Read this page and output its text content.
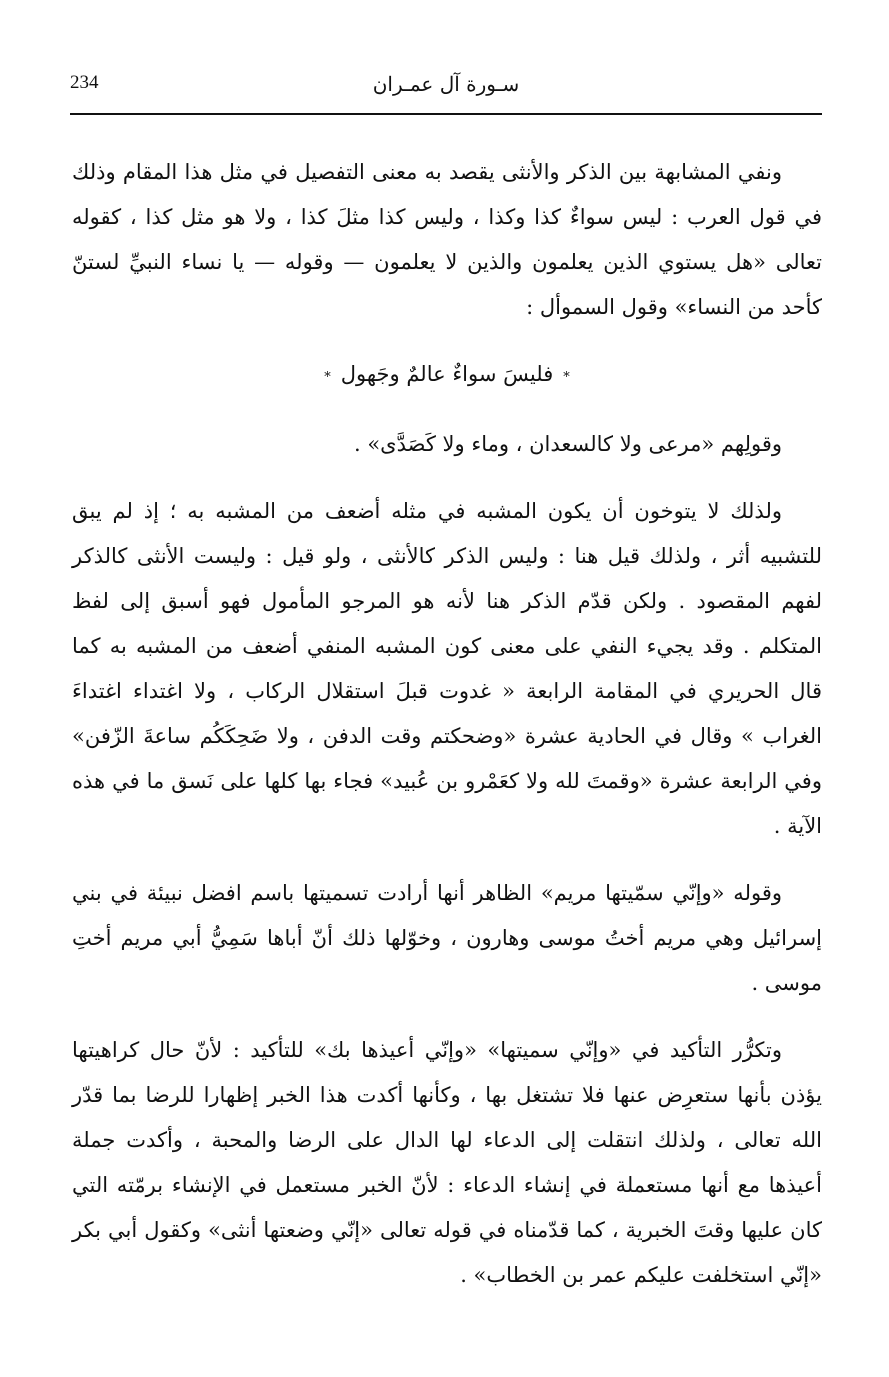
234	سـورة آل عمـران

ونفي المشابهة بين الذكر والأنثى يقصد به معنى التفصيل في مثل هذا المقام وذلك في قول العرب : ليس سواءٌ كذا وكذا ، وليس كذا مثلَ كذا ، ولا هو مثل كذا ، كقوله تعالى «هل يستوي الذين يعلمون والذين لا يعلمون — وقوله — يا نساء النبيِّ لستنّ كأحد من النساء» وقول السموأل :

*فليسَ سواءٌ عالمٌ وجَهول*

وقولِهم «مرعى ولا كالسعدان ، وماء ولا كَصَدَّى» .

ولذلك لا يتوخون أن يكون المشبه في مثله أضعف من المشبه به ؛ إذ لم يبق للتشبيه أثر ، ولذلك قيل هنا : وليس الذكر كالأنثى ، ولو قيل : وليست الأنثى كالذكر لفهم المقصود . ولكن قدّم الذكر هنا لأنه هو المرجو المأمول فهو أسبق إلى لفظ المتكلم . وقد يجيء النفي على معنى كون المشبه المنفي أضعف من المشبه به كما قال الحريري في المقامة الرابعة « غدوت قبلَ استقلال الركاب ، ولا اغتداء اغتداءَ الغراب » وقال في الحادية عشرة «وضحكتم وقت الدفن ، ولا ضَحِكَكُم ساعةَ الزّفن» وفي الرابعة عشرة «وقمتَ لله ولا كعَمْرو بن عُبيد» فجاء بها كلها على نَسق ما في هذه الآية .

وقوله «وإنّي سمّيتها مريم» الظاهر أنها أرادت تسميتها باسم افضل نبيئة في بني إسرائيل وهي مريم أختُ موسى وهارون ، وخوّلها ذلك أنّ أباها سَمِيُّ أبي مريم أختِ موسى .

وتكرُّر التأكيد في «وإنّي سميتها» «وإنّي أعيذها بك» للتأكيد : لأنّ حال كراهيتها يؤذن بأنها ستعرِض عنها فلا تشتغل بها ، وكأنها أكدت هذا الخبر إظهارا للرضا بما قدّر الله تعالى ، ولذلك انتقلت إلى الدعاء لها الدال على الرضا والمحبة ، وأكدت جملة أعيذها مع أنها مستعملة في إنشاء الدعاء : لأنّ الخبر مستعمل في الإنشاء برمّته التي كان عليها وقتَ الخبرية ، كما قدّمناه في قوله تعالى «إنّي وضعتها أنثى» وكقول أبي بكر «إنّي استخلفت عليكم عمر بن الخطاب» .
